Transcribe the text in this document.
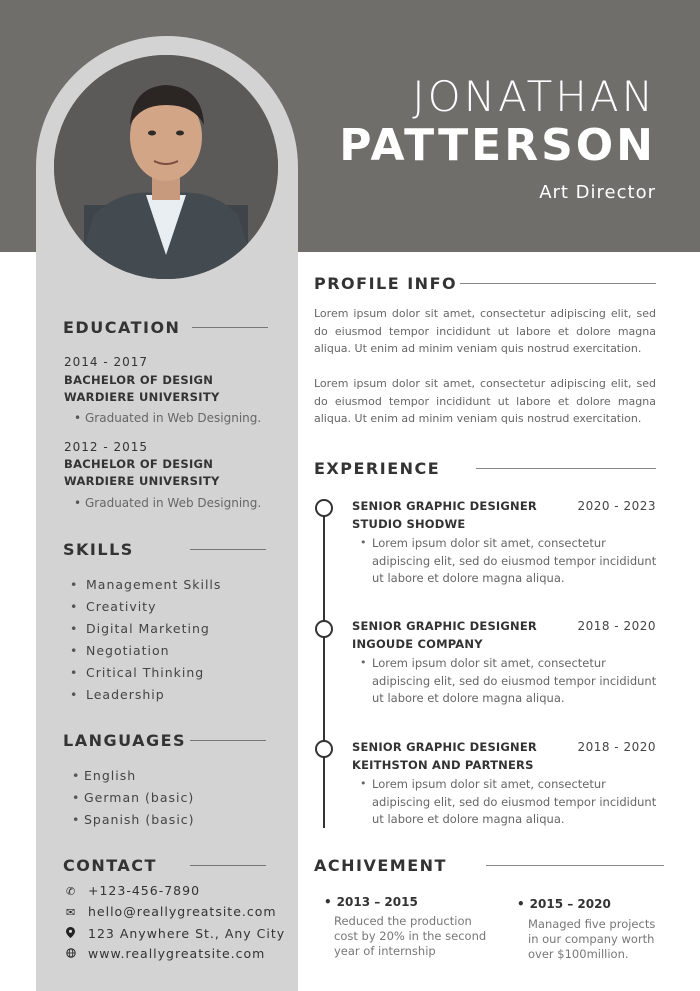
JONATHAN
PATTERSON
Art Director
EDUCATION
2014 - 2017
BACHELOR OF DESIGN
WARDIERE UNIVERSITY
• Graduated in Web Designing.
2012 - 2015
BACHELOR OF DESIGN
WARDIERE UNIVERSITY
• Graduated in Web Designing.
SKILLS
• Management Skills
• Creativity
• Digital Marketing
• Negotiation
• Critical Thinking
• Leadership
LANGUAGES
• English
• German (basic)
• Spanish (basic)
CONTACT
✆ +123-456-7890
✉ hello@reallygreatsite.com
123 Anywhere St., Any City
www.reallygreatsite.com
PROFILE INFO
Lorem ipsum dolor sit amet, consectetur adipiscing elit, sed do eiusmod tempor incididunt ut labore et dolore magna aliqua. Ut enim ad minim veniam quis nostrud exercitation.
Lorem ipsum dolor sit amet, consectetur adipiscing elit, sed do eiusmod tempor incididunt ut labore et dolore magna aliqua. Ut enim ad minim veniam quis nostrud exercitation.
EXPERIENCE
SENIOR GRAPHIC DESIGNER	2020 - 2023
STUDIO SHODWE
• Lorem ipsum dolor sit amet, consectetur adipiscing elit, sed do eiusmod tempor incididunt ut labore et dolore magna aliqua.
SENIOR GRAPHIC DESIGNER	2018 - 2020
INGOUDE COMPANY
• Lorem ipsum dolor sit amet, consectetur adipiscing elit, sed do eiusmod tempor incididunt ut labore et dolore magna aliqua.
SENIOR GRAPHIC DESIGNER	2018 - 2020
KEITHSTON AND PARTNERS
• Lorem ipsum dolor sit amet, consectetur adipiscing elit, sed do eiusmod tempor incididunt ut labore et dolore magna aliqua.
ACHIVEMENT
• 2013 – 2015
Reduced the production cost by 20% in the second year of internship
• 2015 – 2020
Managed five projects in our company worth over $100million.
